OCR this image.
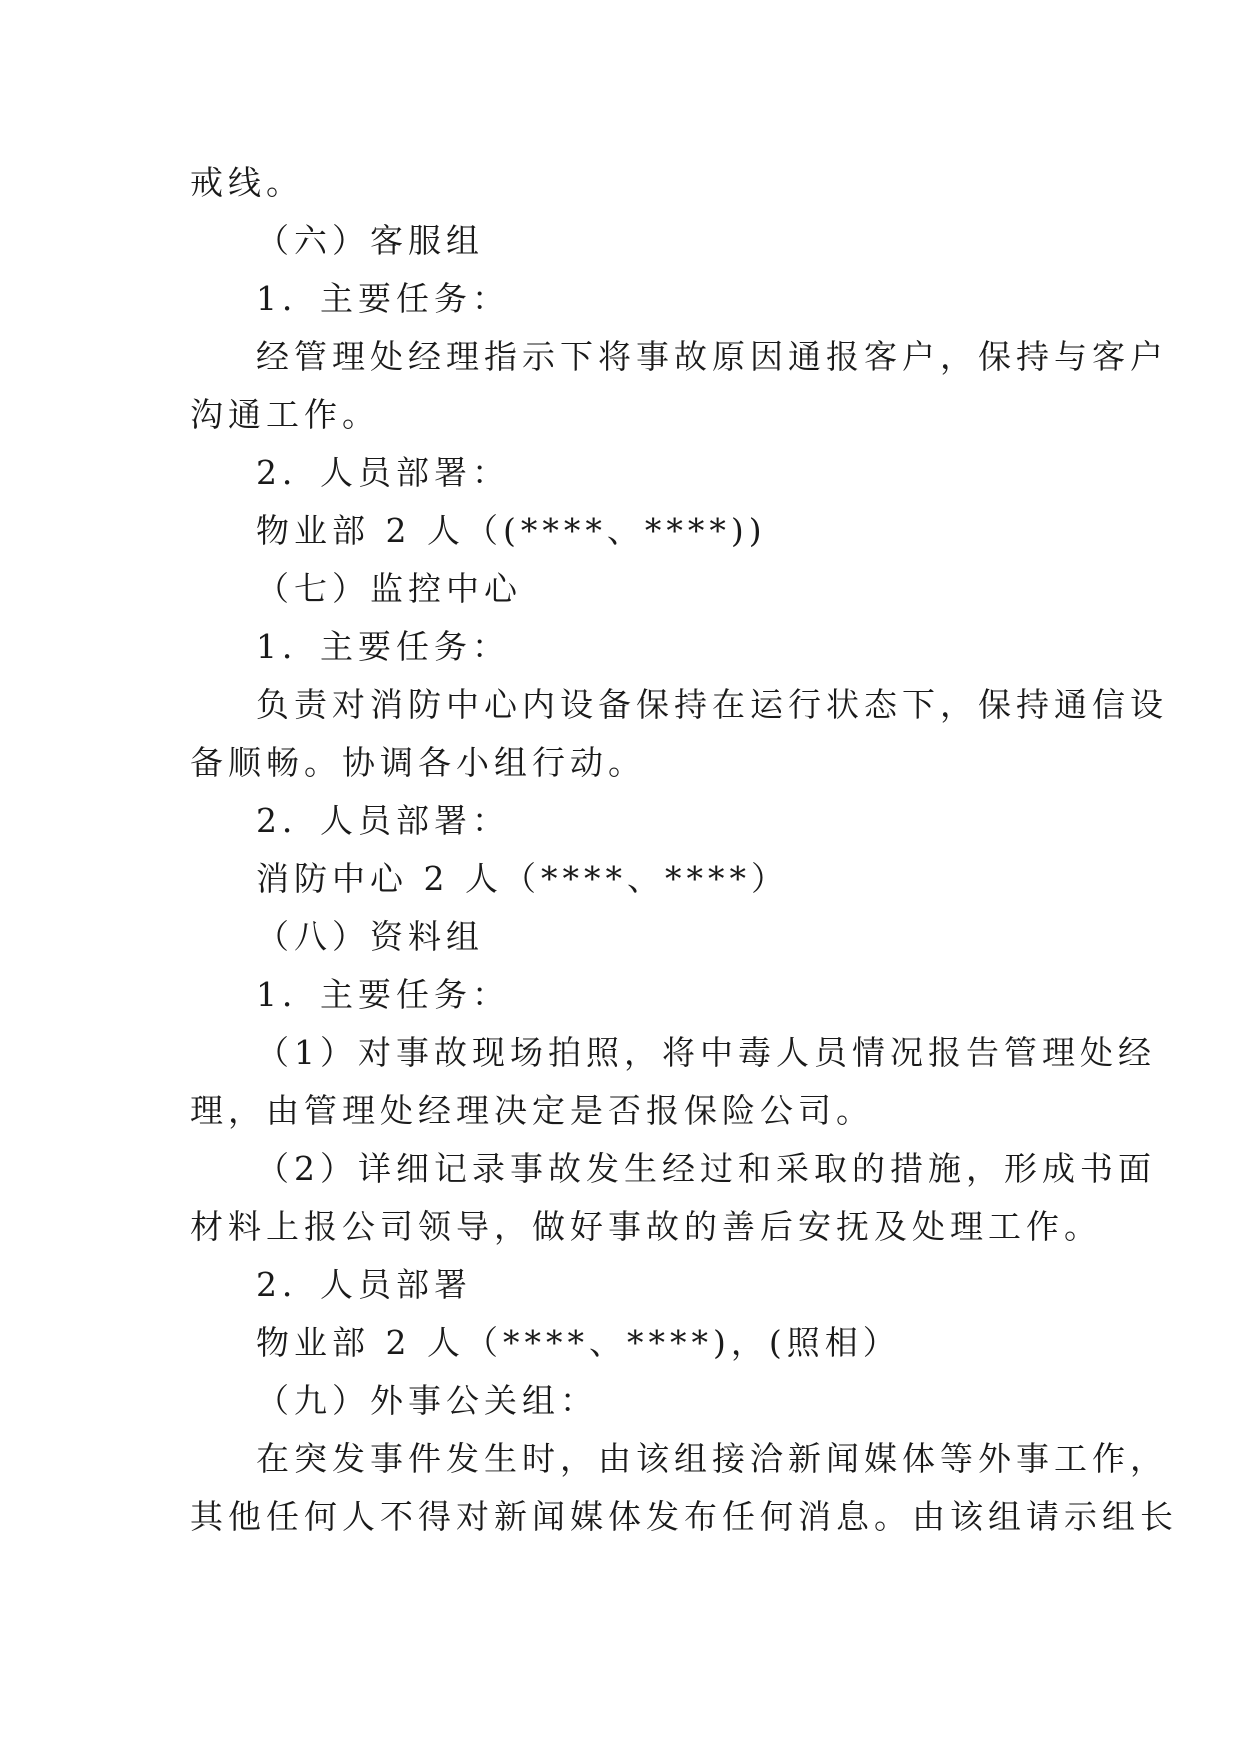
戒线。
（六）客服组
1．主要任务：
经管理处经理指示下将事故原因通报客户，保持与客户
沟通工作。
2．人员部署：
物业部 2 人（(****、****))
（七）监控中心
1．主要任务：
负责对消防中心内设备保持在运行状态下，保持通信设
备顺畅。协调各小组行动。
2．人员部署：
消防中心 2 人（****、****）
（八）资料组
1．主要任务：
（1）对事故现场拍照，将中毒人员情况报告管理处经
理，由管理处经理决定是否报保险公司。
（2）详细记录事故发生经过和采取的措施，形成书面
材料上报公司领导，做好事故的善后安抚及处理工作。
2．人员部署
物业部 2 人（****、****)，(照相）
（九）外事公关组：
在突发事件发生时，由该组接洽新闻媒体等外事工作，
其他任何人不得对新闻媒体发布任何消息。由该组请示组长
